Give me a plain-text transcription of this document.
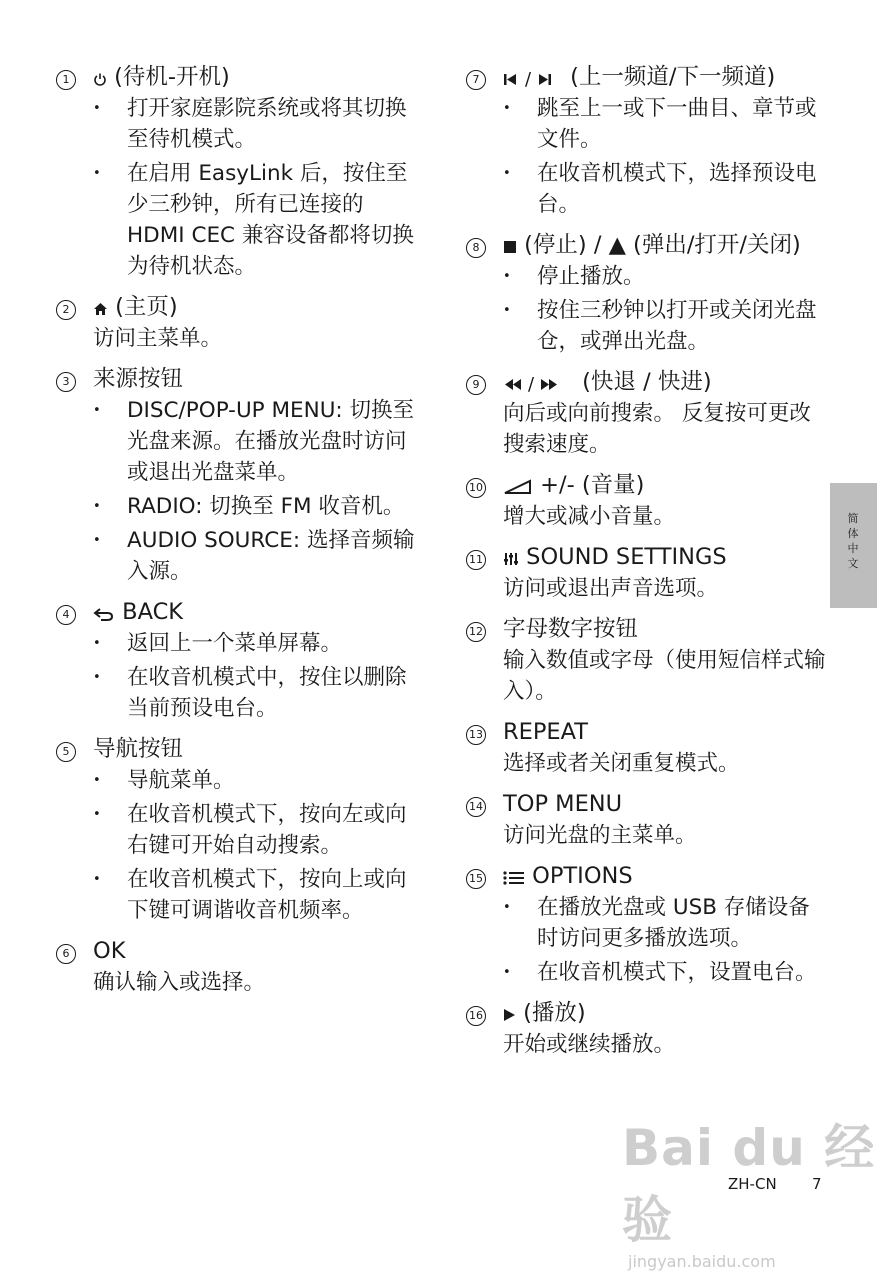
1	(待机-开机)
• 打开家庭影院系统或将其切换至待机模式。
• 在启用 EasyLink 后，按住至少三秒钟，所有已连接的 HDMI CEC 兼容设备都将切换为待机状态。
2	(主页)
访问主菜单。
3 来源按钮
• DISC/POP-UP MENU: 切换至光盘来源。在播放光盘时访问或退出光盘菜单。
• RADIO: 切换至 FM 收音机。
• AUDIO SOURCE: 选择音频输入源。
4	BACK
• 返回上一个菜单屏幕。
• 在收音机模式中，按住以删除当前预设电台。
5 导航按钮
• 导航菜单。
• 在收音机模式下，按向左或向右键可开始自动搜索。
• 在收音机模式下，按向上或向下键可调谐收音机频率。
6 OK
确认输入或选择。
7	/ (上一频道/下一频道)
• 跳至上一或下一曲目、章节或文件。
• 在收音机模式下，选择预设电台。
8	(停止) / ▲ (弹出/打开/关闭)
• 停止播放。
• 按住三秒钟以打开或关闭光盘仓，或弹出光盘。
9	/ (快退 / 快进)
向后或向前搜索。 反复按可更改搜索速度。
10	+/- (音量)
增大或减小音量。
11	SOUND SETTINGS
访问或退出声音选项。
12 字母数字按钮
输入数值或字母（使用短信样式输入）。
13 REPEAT
选择或者关闭重复模式。
14 TOP MENU
访问光盘的主菜单。
15	OPTIONS
• 在播放光盘或 USB 存储设备时访问更多播放选项。
• 在收音机模式下，设置电台。
16	(播放)
开始或继续播放。
简体中文
Bai du 经验
jingyan.baidu.com
ZH-CN 7
